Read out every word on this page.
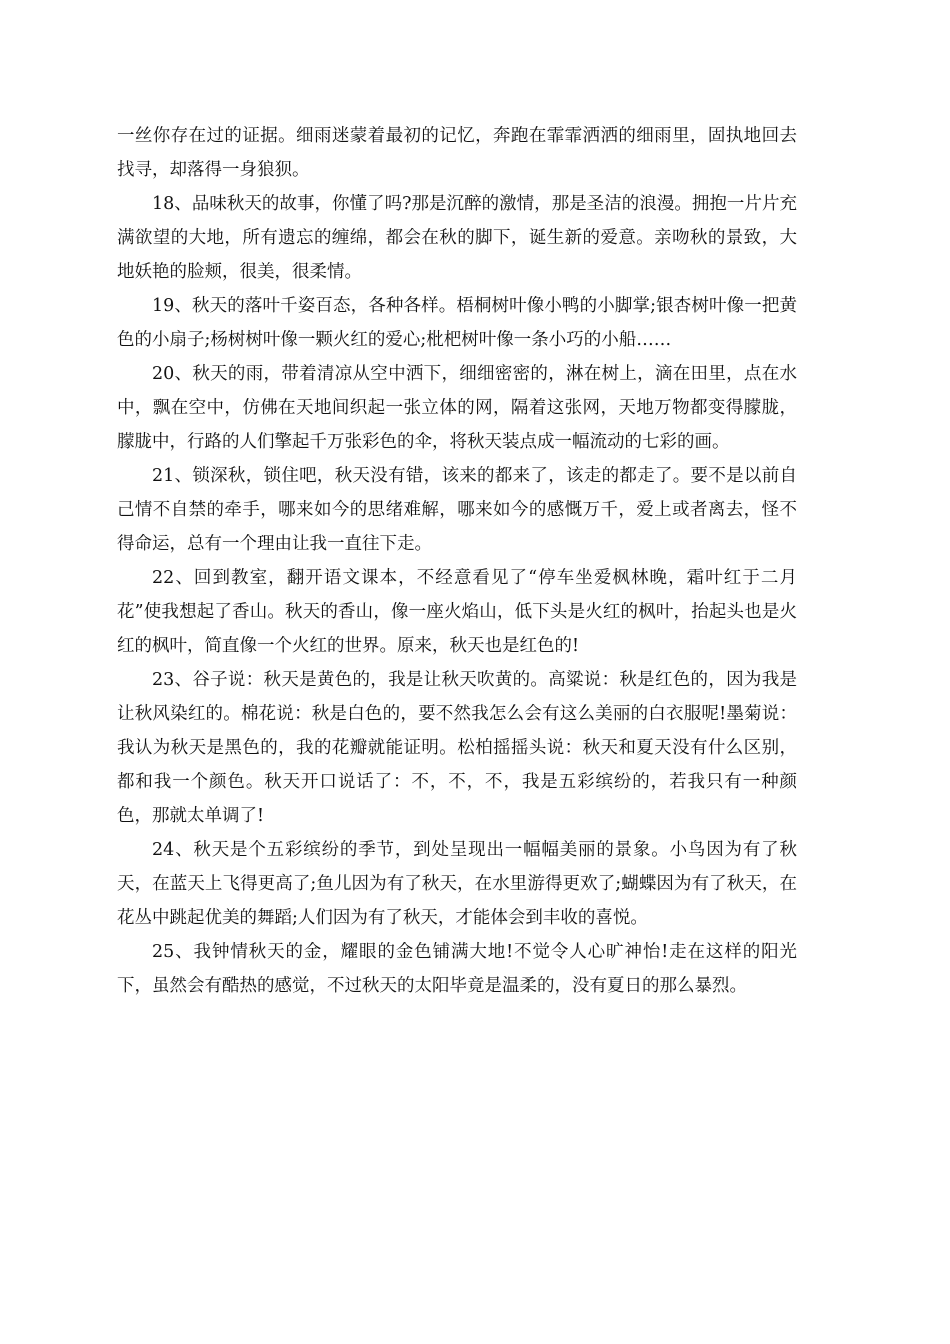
一丝你存在过的证据。细雨迷蒙着最初的记忆，奔跑在霏霏洒洒的细雨里，固执地回去找寻，却落得一身狼狈。

18、品味秋天的故事，你懂了吗?那是沉醉的激情，那是圣洁的浪漫。拥抱一片片充满欲望的大地，所有遗忘的缠绵，都会在秋的脚下，诞生新的爱意。亲吻秋的景致，大地妖艳的脸颊，很美，很柔情。

19、秋天的落叶千姿百态，各种各样。梧桐树叶像小鸭的小脚掌;银杏树叶像一把黄色的小扇子;杨树树叶像一颗火红的爱心;枇杷树叶像一条小巧的小船……

20、秋天的雨，带着清凉从空中洒下，细细密密的，淋在树上，滴在田里，点在水中，飘在空中，仿佛在天地间织起一张立体的网，隔着这张网，天地万物都变得朦胧，朦胧中，行路的人们擎起千万张彩色的伞，将秋天装点成一幅流动的七彩的画。

21、锁深秋，锁住吧，秋天没有错，该来的都来了，该走的都走了。要不是以前自己情不自禁的牵手，哪来如今的思绪难解，哪来如今的感慨万千，爱上或者离去，怪不得命运，总有一个理由让我一直往下走。

22、回到教室，翻开语文课本，不经意看见了“停车坐爱枫林晚，霜叶红于二月花”使我想起了香山。秋天的香山，像一座火焰山，低下头是火红的枫叶，抬起头也是火红的枫叶，简直像一个火红的世界。原来，秋天也是红色的!

23、谷子说：秋天是黄色的，我是让秋天吹黄的。高粱说：秋是红色的，因为我是让秋风染红的。棉花说：秋是白色的，要不然我怎么会有这么美丽的白衣服呢!墨菊说：我认为秋天是黑色的，我的花瓣就能证明。松柏摇摇头说：秋天和夏天没有什么区别，都和我一个颜色。秋天开口说话了：不，不，不，我是五彩缤纷的，若我只有一种颜色，那就太单调了!

24、秋天是个五彩缤纷的季节，到处呈现出一幅幅美丽的景象。小鸟因为有了秋天，在蓝天上飞得更高了;鱼儿因为有了秋天，在水里游得更欢了;蝴蝶因为有了秋天，在花丛中跳起优美的舞蹈;人们因为有了秋天，才能体会到丰收的喜悦。

25、我钟情秋天的金，耀眼的金色铺满大地!不觉令人心旷神怡!走在这样的阳光下，虽然会有酷热的感觉，不过秋天的太阳毕竟是温柔的，没有夏日的那么暴烈。
